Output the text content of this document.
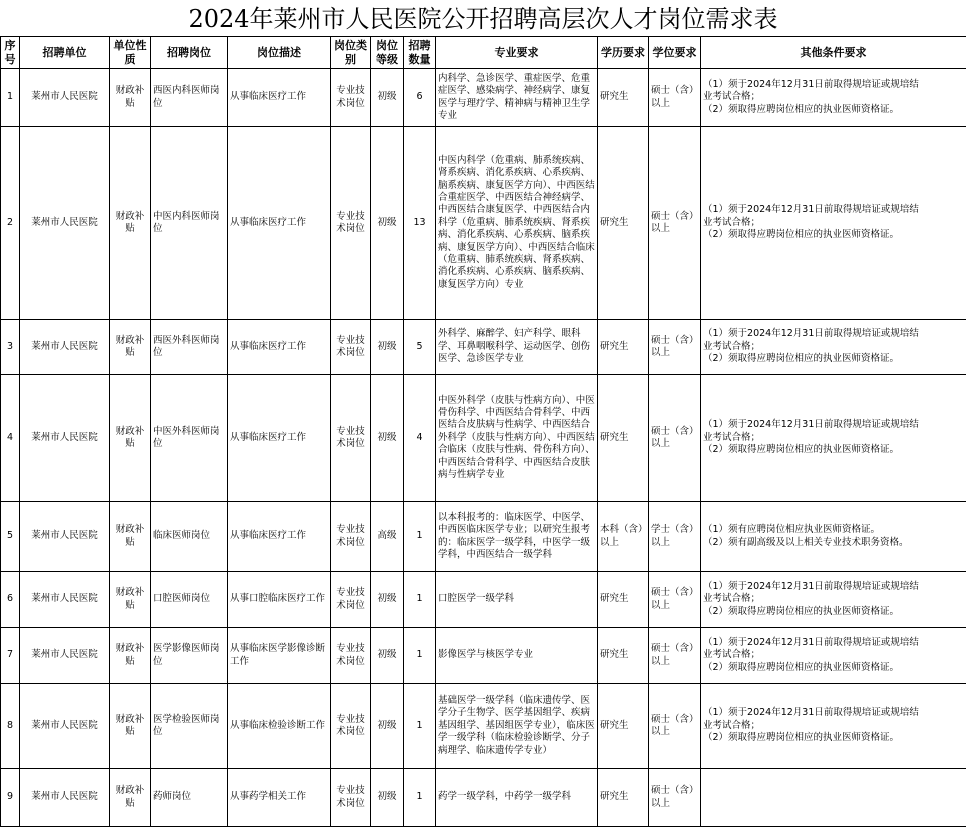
2024年莱州市人民医院公开招聘高层次人才岗位需求表
序号	招聘单位	单位性质	招聘岗位	岗位描述	岗位类别	岗位等级	招聘数量	专业要求	学历要求	学位要求	其他条件要求
1	莱州市人民医院	财政补贴	西医内科医师岗位	从事临床医疗工作	专业技术岗位	初级	6	内科学、急诊医学、重症医学、危重症医学、感染病学、神经病学、康复医学与理疗学、精神病与精神卫生学专业	研究生	硕士（含）以上	（1）须于2024年12月31日前取得规培证或规培结
业考试合格；
（2）须取得应聘岗位相应的执业医师资格证。

2	莱州市人民医院	财政补贴	中医内科医师岗位	从事临床医疗工作	专业技术岗位	初级	13	中医内科学（危重病、肺系统疾病、肾系疾病、消化系疾病、心系疾病、脑系疾病、康复医学方向）、中西医结合重症医学、中西医结合神经病学、中西医结合康复医学、中西医结合内科学（危重病、肺系统疾病、肾系疾病、消化系疾病、心系疾病、脑系疾病、康复医学方向）、中西医结合临床（危重病、肺系统疾病、肾系疾病、消化系疾病、心系疾病、脑系疾病、康复医学方向）专业	研究生	硕士（含）以上	（1）须于2024年12月31日前取得规培证或规培结
业考试合格；
（2）须取得应聘岗位相应的执业医师资格证。

3	莱州市人民医院	财政补贴	西医外科医师岗位	从事临床医疗工作	专业技术岗位	初级	5	外科学、麻醉学、妇产科学、眼科学、耳鼻咽喉科学、运动医学、创伤医学、急诊医学专业	研究生	硕士（含）以上	（1）须于2024年12月31日前取得规培证或规培结
业考试合格；
（2）须取得应聘岗位相应的执业医师资格证。

4	莱州市人民医院	财政补贴	中医外科医师岗位	从事临床医疗工作	专业技术岗位	初级	4	中医外科学（皮肤与性病方向）、中医骨伤科学、中西医结合骨科学、中西医结合皮肤病与性病学、中西医结合外科学（皮肤与性病方向）、中西医结合临床（皮肤与性病、骨伤科方向）、中西医结合骨科学、中西医结合皮肤病与性病学专业	研究生	硕士（含）以上	（1）须于2024年12月31日前取得规培证或规培结
业考试合格；
（2）须取得应聘岗位相应的执业医师资格证。

5	莱州市人民医院	财政补贴	临床医师岗位	从事临床医疗工作	专业技术岗位	高级	1	以本科报考的：临床医学、中医学、中西医临床医学专业；以研究生报考的：临床医学一级学科，中医学一级学科，中西医结合一级学科	本科（含）以上	学士（含）以上	（1）须有应聘岗位相应执业医师资格证。
（2）须有副高级及以上相关专业技术职务资格。

6	莱州市人民医院	财政补贴	口腔医师岗位	从事口腔临床医疗工作	专业技术岗位	初级	1	口腔医学一级学科	研究生	硕士（含）以上	（1）须于2024年12月31日前取得规培证或规培结
业考试合格；
（2）须取得应聘岗位相应的执业医师资格证。

7	莱州市人民医院	财政补贴	医学影像医师岗位	从事临床医学影像诊断工作	专业技术岗位	初级	1	影像医学与核医学专业	研究生	硕士（含）以上	（1）须于2024年12月31日前取得规培证或规培结
业考试合格；
（2）须取得应聘岗位相应的执业医师资格证。

8	莱州市人民医院	财政补贴	医学检验医师岗位	从事临床检验诊断工作	专业技术岗位	初级	1	基础医学一级学科（临床遗传学、医学分子生物学、医学基因组学、疾病基因组学、基因组医学专业），临床医学一级学科（临床检验诊断学、分子病理学、临床遗传学专业）	研究生	硕士（含）以上	（1）须于2024年12月31日前取得规培证或规培结
业考试合格；
（2）须取得应聘岗位相应的执业医师资格证。

9	莱州市人民医院	财政补贴	药师岗位	从事药学相关工作	专业技术岗位	初级	1	药学一级学科，中药学一级学科	研究生	硕士（含）以上	
